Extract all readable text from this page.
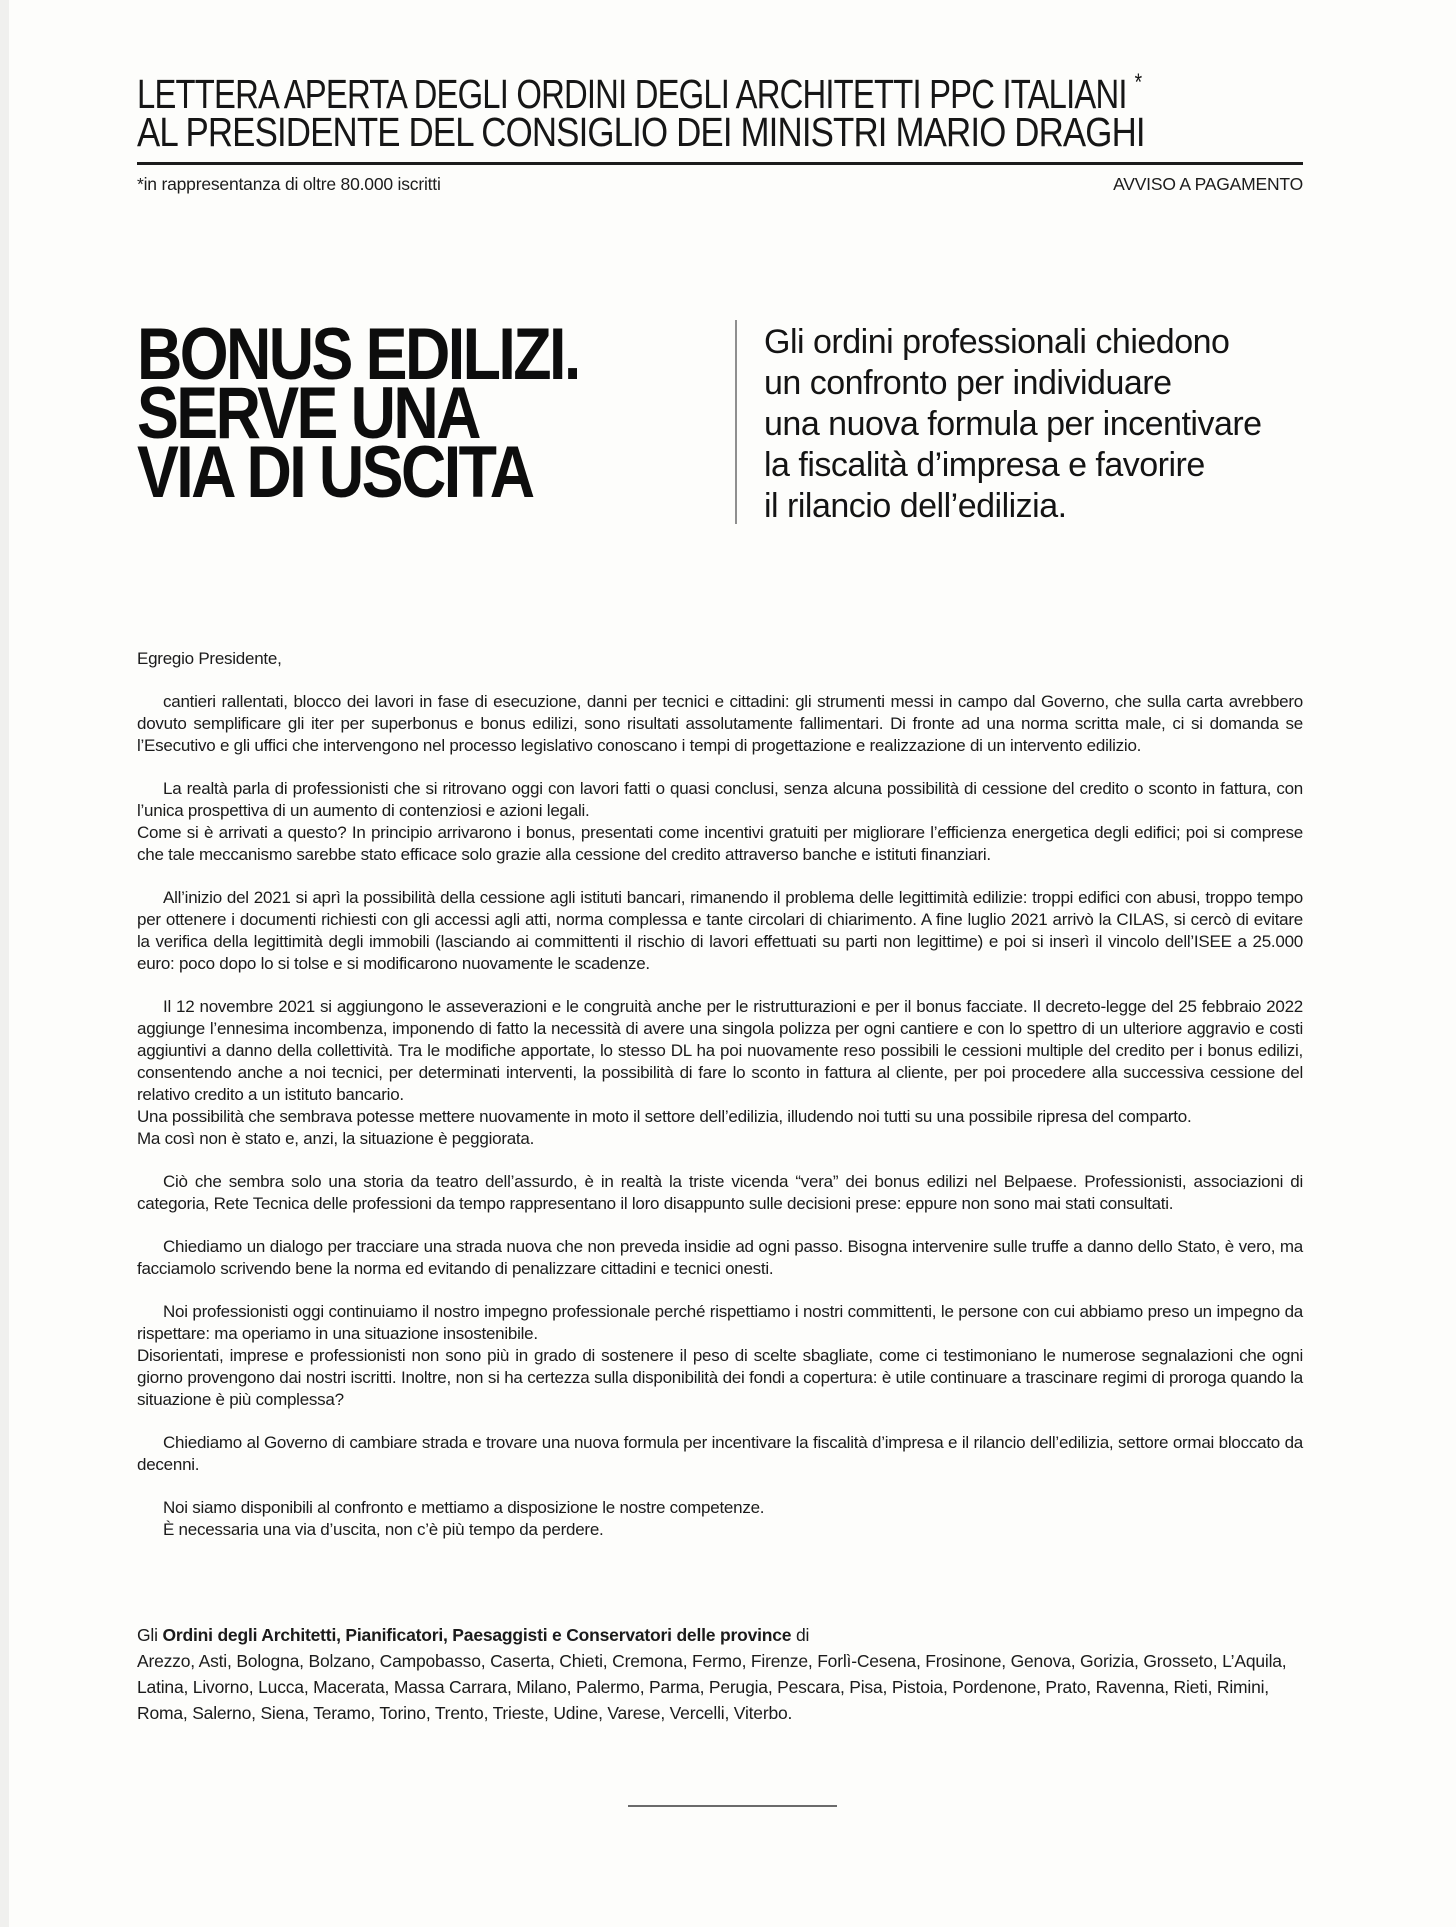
LETTERA APERTA DEGLI ORDINI DEGLI ARCHITETTI PPC ITALIANI *
AL PRESIDENTE DEL CONSIGLIO DEI MINISTRI MARIO DRAGHI
*in rappresentanza di oltre 80.000 iscritti	AVVISO A PAGAMENTO
BONUS EDILIZI.
SERVE UNA
VIA DI USCITA
Gli ordini professionali chiedono
un confronto per individuare
una nuova formula per incentivare
la fiscalità d’impresa e favorire
il rilancio dell’edilizia.

Egregio Presidente,

cantieri rallentati, blocco dei lavori in fase di esecuzione, danni per tecnici e cittadini: gli strumenti messi in campo dal Governo, che sulla carta avrebbero dovuto semplificare gli iter per superbonus e bonus edilizi, sono risultati assolutamente fallimentari. Di fronte ad una norma scritta male, ci si domanda se l’Esecutivo e gli uffici che intervengono nel processo legislativo conoscano i tempi di progettazione e realizzazione di un intervento edilizio.

La realtà parla di professionisti che si ritrovano oggi con lavori fatti o quasi conclusi, senza alcuna possibilità di cessione del credito o sconto in fattura, con l’unica prospettiva di un aumento di contenziosi e azioni legali.

Come si è arrivati a questo? In principio arrivarono i bonus, presentati come incentivi gratuiti per migliorare l’efficienza energetica degli edifici; poi si comprese che tale meccanismo sarebbe stato efficace solo grazie alla cessione del credito attraverso banche e istituti finanziari.

All’inizio del 2021 si aprì la possibilità della cessione agli istituti bancari, rimanendo il problema delle legittimità edilizie: troppi edifici con abusi, troppo tempo per ottenere i documenti richiesti con gli accessi agli atti, norma complessa e tante circolari di chiarimento. A fine luglio 2021 arrivò la CILAS, si cercò di evitare la verifica della legittimità degli immobili (lasciando ai committenti il rischio di lavori effettuati su parti non legittime) e poi si inserì il vincolo dell’ISEE a 25.000 euro: poco dopo lo si tolse e si modificarono nuovamente le scadenze.

Il 12 novembre 2021 si aggiungono le asseverazioni e le congruità anche per le ristrutturazioni e per il bonus facciate. Il decreto-legge del 25 febbraio 2022 aggiunge l’ennesima incombenza, imponendo di fatto la necessità di avere una singola polizza per ogni cantiere e con lo spettro di un ulteriore aggravio e costi aggiuntivi a danno della collettività. Tra le modifiche apportate, lo stesso DL ha poi nuovamente reso possibili le cessioni multiple del credito per i bonus edilizi, consentendo anche a noi tecnici, per determinati interventi, la possibilità di fare lo sconto in fattura al cliente, per poi procedere alla successiva cessione del relativo credito a un istituto bancario.

Una possibilità che sembrava potesse mettere nuovamente in moto il settore dell’edilizia, illudendo noi tutti su una possibile ripresa del comparto.

Ma così non è stato e, anzi, la situazione è peggiorata.

Ciò che sembra solo una storia da teatro dell’assurdo, è in realtà la triste vicenda “vera” dei bonus edilizi nel Belpaese. Professionisti, associazioni di categoria, Rete Tecnica delle professioni da tempo rappresentano il loro disappunto sulle decisioni prese: eppure non sono mai stati consultati.

Chiediamo un dialogo per tracciare una strada nuova che non preveda insidie ad ogni passo. Bisogna intervenire sulle truffe a danno dello Stato, è vero, ma facciamolo scrivendo bene la norma ed evitando di penalizzare cittadini e tecnici onesti.

Noi professionisti oggi continuiamo il nostro impegno professionale perché rispettiamo i nostri committenti, le persone con cui abbiamo preso un impegno da rispettare: ma operiamo in una situazione insostenibile.

Disorientati, imprese e professionisti non sono più in grado di sostenere il peso di scelte sbagliate, come ci testimoniano le numerose segnalazioni che ogni giorno provengono dai nostri iscritti. Inoltre, non si ha certezza sulla disponibilità dei fondi a copertura: è utile continuare a trascinare regimi di proroga quando la situazione è più complessa?

Chiediamo al Governo di cambiare strada e trovare una nuova formula per incentivare la fiscalità d’impresa e il rilancio dell’edilizia, settore ormai bloccato da decenni.

Noi siamo disponibili al confronto e mettiamo a disposizione le nostre competenze.

È necessaria una via d’uscita, non c’è più tempo da perdere.

Gli Ordini degli Architetti, Pianificatori, Paesaggisti e Conservatori delle province di
Arezzo, Asti, Bologna, Bolzano, Campobasso, Caserta, Chieti, Cremona, Fermo, Firenze, Forlì-Cesena, Frosinone, Genova, Gorizia, Grosseto, L’Aquila, Latina, Livorno, Lucca, Macerata, Massa Carrara, Milano, Palermo, Parma, Perugia, Pescara, Pisa, Pistoia, Pordenone, Prato, Ravenna, Rieti, Rimini, Roma, Salerno, Siena, Teramo, Torino, Trento, Trieste, Udine, Varese, Vercelli, Viterbo.
